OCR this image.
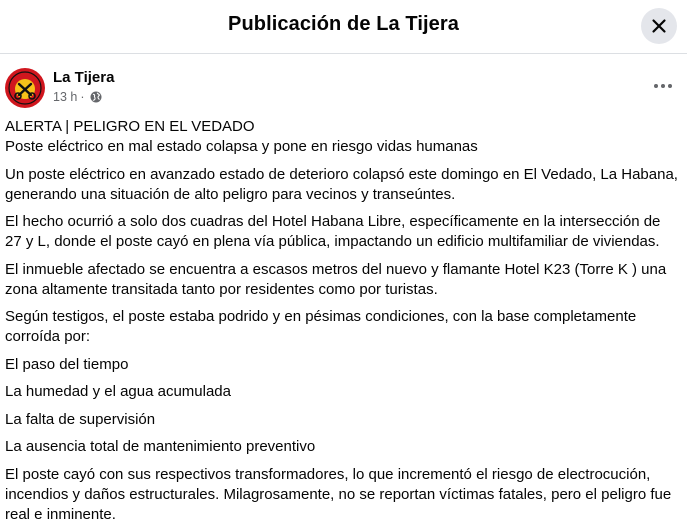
Publicación de La Tijera
La Tijera
13 h ·

ALERTA | PELIGRO EN EL VEDADO
Poste eléctrico en mal estado colapsa y pone en riesgo vidas humanas

Un poste eléctrico en avanzado estado de deterioro colapsó este domingo en El Vedado, La Habana, generando una situación de alto peligro para vecinos y transeúntes.

El hecho ocurrió a solo dos cuadras del Hotel Habana Libre, específicamente en la intersección de 27 y L, donde el poste cayó en plena vía pública, impactando un edificio multifamiliar de viviendas.

El inmueble afectado se encuentra a escasos metros del nuevo y flamante Hotel K23 (Torre K ) una zona altamente transitada tanto por residentes como por turistas.

Según testigos, el poste estaba podrido y en pésimas condiciones, con la base completamente corroída por:

El paso del tiempo

La humedad y el agua acumulada

La falta de supervisión

La ausencia total de mantenimiento preventivo

El poste cayó con sus respectivos transformadores, lo que incrementó el riesgo de electrocución, incendios y daños estructurales. Milagrosamente, no se reportan víctimas fatales, pero el peligro fue real e inminente.
